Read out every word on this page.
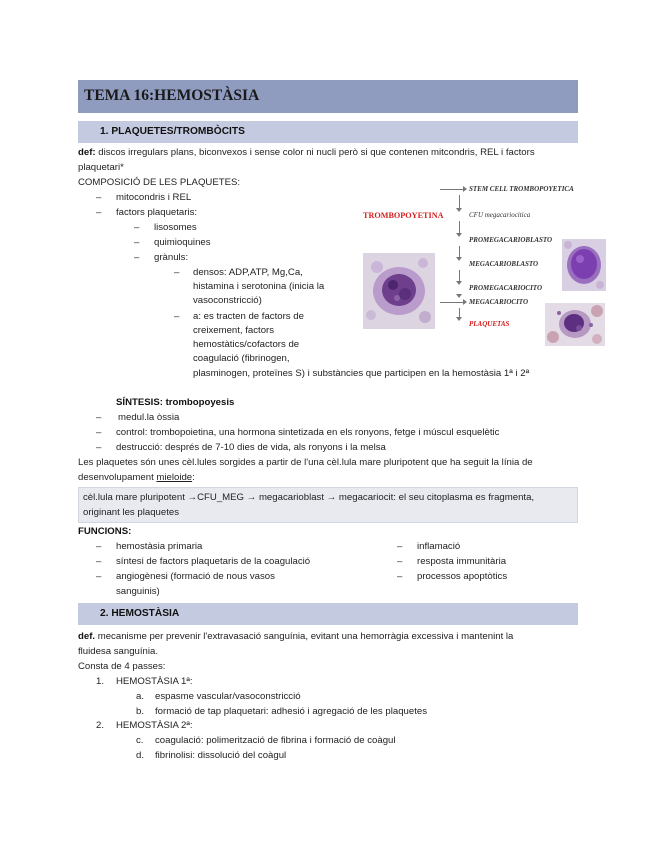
TEMA 16:HEMOSTÀSIA
1. PLAQUETES/TROMBÒCITS
def: discos irregulars plans, biconvexos i sense color ni nucli però si que contenen mitcondris, REL i factors
plaquetari*
COMPOSICIÓ DE LES PLAQUETES:
– mitocondris i REL
– factors plaquetaris:
– lisosomes
– quimioquines
– grànuls:
– densos: ADP,ATP, Mg,Ca,
histamina i serotonina (inicia la
vasoconstricció)
– a: es tracten de factors de
creixement, factors
hemostàtics/cofactors de
coagulació (fibrinogen,
plasminogen, proteïnes S) i substàncies que participen en la hemostàsia 1ª i 2ª
TROMBOPOYETINA
STEM CELL TROMBOPOYETICA
CFU megacariocitica
PROMEGACARIOBLASTO
MEGACARIOBLASTO
PROMEGACARIOCITO
MEGACARIOCITO
PLAQUETAS
SÍNTESIS: trombopoyesis
– medul.la òssia
– control: trombopoietina, una hormona sintetizada en els ronyons, fetge i múscul esquelètic
– destrucció: després de 7-10 dies de vida, als ronyons i la melsa
Les plaquetes són unes cèl.lules sorgides a partir de l'una cèl.lula mare pluripotent que ha seguit la línia de
desenvolupament mieloide:
cèl.lula mare pluripotent →CFU_MEG → megacarioblast → megacariocit: el seu citoplasma es fragmenta,
originant les plaquetes
FUNCIONS:
– hemostàsia primaria
– síntesi de factors plaquetaris de la coagulació
– angiogènesi (formació de nous vasos
sanguinis)
– inflamació
– resposta immunitària
– processos apoptòtics
2. HEMOSTÀSIA
def. mecanisme per prevenir l'extravasació sanguínia, evitant una hemorràgia excessiva i mantenint la
fluidesa sanguínia.
Consta de 4 passes:
1. HEMOSTÀSIA 1ª:
a. espasme vascular/vasoconstricció
b. formació de tap plaquetari: adhesió i agregació de les plaquetes
2. HEMOSTÀSIA 2ª:
c. coagulació: polimerització de fibrina i formació de coàgul
d. fibrinolisi: dissolució del coàgul
